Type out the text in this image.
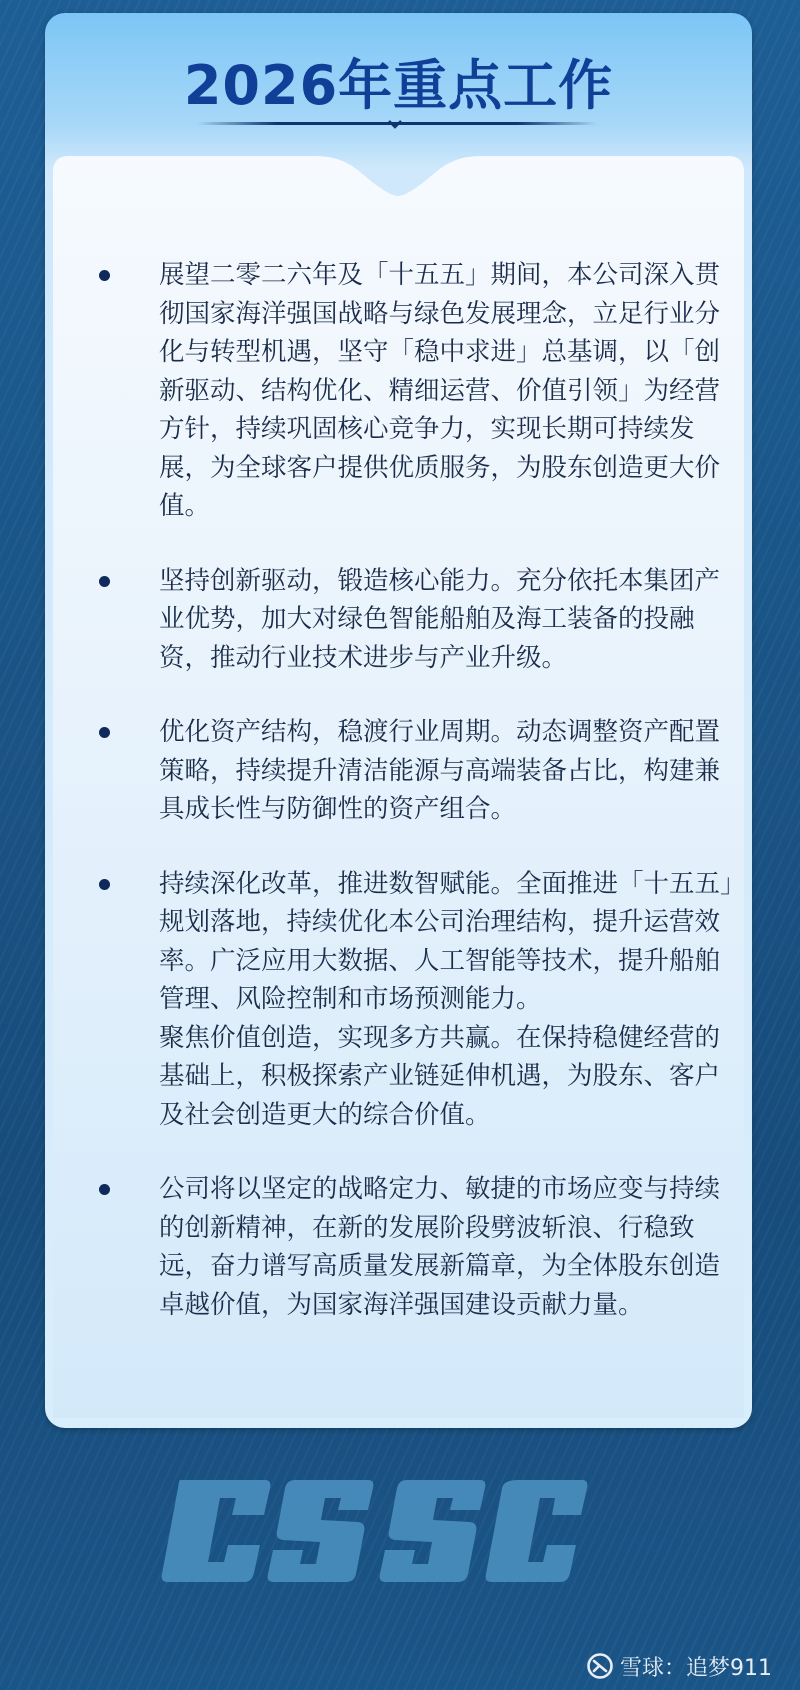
2026年重点工作
展望二零二六年及「十五五」期间，本公司深入贯彻国家海洋强国战略与绿色发展理念，立足行业分化与转型机遇，坚守「稳中求进」总基调，以「创新驱动、结构优化、精细运营、价值引领」为经营方针，持续巩固核心竞争力，实现长期可持续发展，为全球客户提供优质服务，为股东创造更大价值。
坚持创新驱动，锻造核心能力。充分依托本集团产业优势，加大对绿色智能船舶及海工装备的投融资，推动行业技术进步与产业升级。
优化资产结构，稳渡行业周期。动态调整资产配置策略，持续提升清洁能源与高端装备占比，构建兼具成长性与防御性的资产组合。
持续深化改革，推进数智赋能。全面推进「十五五」规划落地，持续优化本公司治理结构，提升运营效率。广泛应用大数据、人工智能等技术，提升船舶管理、风险控制和市场预测能力。
聚焦价值创造，实现多方共赢。在保持稳健经营的基础上，积极探索产业链延伸机遇，为股东、客户及社会创造更大的综合价值。
公司将以坚定的战略定力、敏捷的市场应变与持续的创新精神，在新的发展阶段劈波斩浪、行稳致远，奋力谱写高质量发展新篇章，为全体股东创造卓越价值，为国家海洋强国建设贡献力量。
雪球：追梦911
